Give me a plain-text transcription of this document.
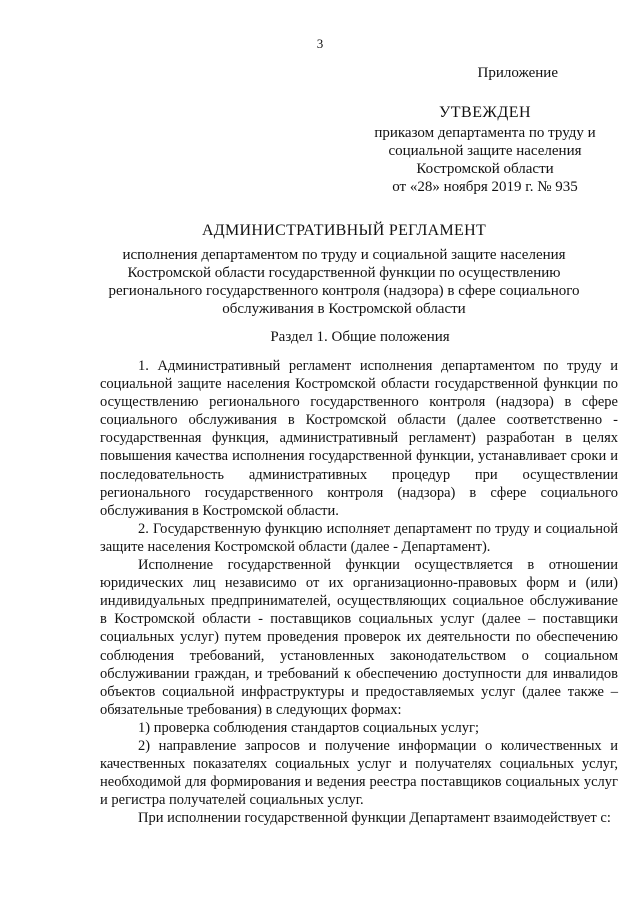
3
Приложение
УТВЕЖДЕН
приказом департамента по труду и
социальной защите населения
Костромской области
от «28» ноября 2019 г. № 935
АДМИНИСТРАТИВНЫЙ РЕГЛАМЕНТ
исполнения департаментом по труду и социальной защите населения Костромской области государственной функции по осуществлению регионального государственного контроля (надзора) в сфере социального обслуживания в Костромской области
Раздел 1. Общие положения

1. Административный регламент исполнения департаментом по труду и социальной защите населения Костромской области государственной функции по осуществлению регионального государственного контроля (надзора) в сфере социального обслуживания в Костромской области (далее соответственно - государственная функция, административный регламент) разработан в целях повышения качества исполнения государственной функции, устанавливает сроки и последовательность административных процедур при осуществлении регионального государственного контроля (надзора) в сфере социального обслуживания в Костромской области.

2. Государственную функцию исполняет департамент по труду и социальной защите населения Костромской области (далее - Департамент).

Исполнение государственной функции осуществляется в отношении юридических лиц независимо от их организационно-правовых форм и (или) индивидуальных предпринимателей, осуществляющих социальное обслуживание в Костромской области - поставщиков социальных услуг (далее – поставщики социальных услуг) путем проведения проверок их деятельности по обеспечению соблюдения требований, установленных законодательством о социальном обслуживании граждан, и требований к обеспечению доступности для инвалидов объектов социальной инфраструктуры и предоставляемых услуг (далее также – обязательные требования) в следующих формах:

1) проверка соблюдения стандартов социальных услуг;

2) направление запросов и получение информации о количественных и качественных показателях социальных услуг и получателях социальных услуг, необходимой для формирования и ведения реестра поставщиков социальных услуг и регистра получателей социальных услуг.

При исполнении государственной функции Департамент взаимодействует с:
